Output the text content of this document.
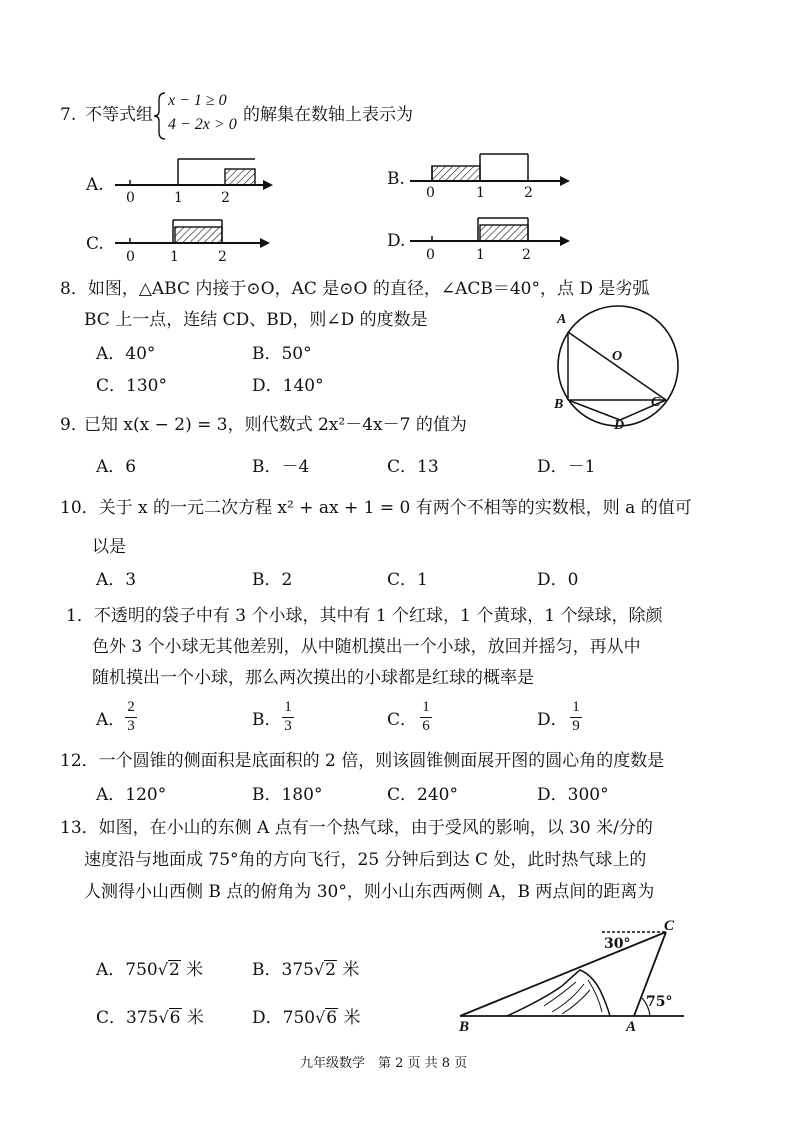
7. 不等式组
x − 1 ≥ 0
4 − 2x > 0 的解集在数轴上表示为
A.
0	1	2
B.
0	1	2
C.
0	1	2
D.
0	1	2
8．如图，△ABC 内接于⊙O，AC 是⊙O 的直径，∠ACB＝40°，点 D 是劣弧
BC 上一点，连结 CD、BD，则∠D 的度数是
A．40°	B．50°
C．130°	D．140°
A
O
B	C
D
9．
已知 x(x − 2) = 3，则代数式 2x²－4x－7 的值为
A．6	B．－4	C．13	D．－1
10．关于 x 的一元二次方程 x² + ax + 1 = 0 有两个不相等的实数根，则 a 的值可
以是
A．3	B．2	C．1	D．0
1．不透明的袋子中有 3 个小球，其中有 1 个红球，1 个黄球，1 个绿球，除颜
色外 3 个小球无其他差别，从中随机摸出一个小球，放回并摇匀，再从中
随机摸出一个小球，那么两次摸出的小球都是红球的概率是
A．
2
3	B．
1
3	C．
1
6	D．
1
9
12．一个圆锥的侧面积是底面积的 2 倍，则该圆锥侧面展开图的圆心角的度数是
A．120°	B．180°	C．240°	D．300°
13．如图，在小山的东侧 A 点有一个热气球，由于受风的影响，以 30 米/分的
速度沿与地面成 75°角的方向飞行，25 分钟后到达 C 处，此时热气球上的
人测得小山西侧 B 点的俯角为 30°，则小山东西两侧 A，B 两点间的距离为
A．750√2 米	B．375√2 米
C．375√6 米	D．750√6 米
C
30°
75°
B	A
九年级数学　第 2 页 共 8 页
